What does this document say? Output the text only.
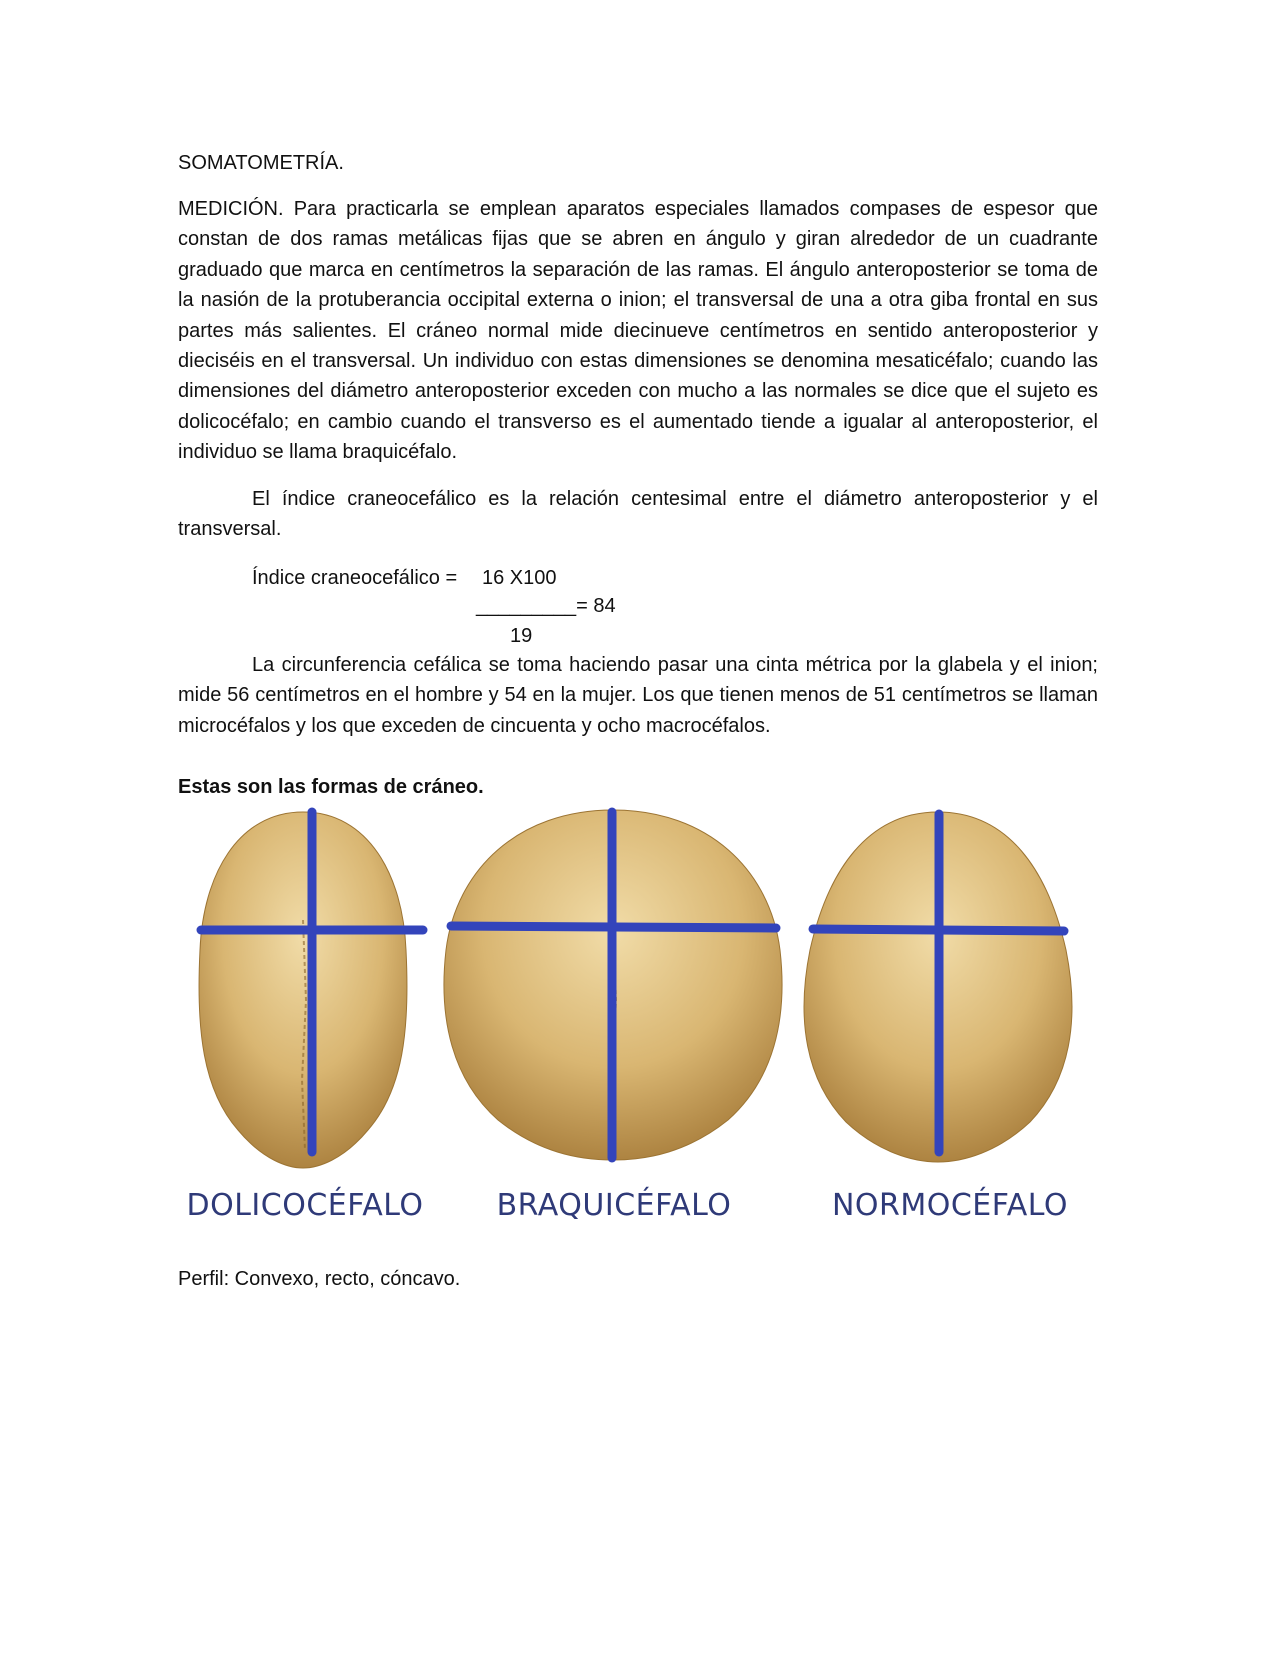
SOMATOMETRÍA.
MEDICIÓN. Para practicarla se emplean aparatos especiales llamados compases de espesor que constan de dos ramas metálicas fijas que se abren en ángulo y giran alrededor de un cuadrante graduado que marca en centímetros la separación de las ramas. El ángulo anteroposterior se toma de la nasión de la protuberancia occipital externa o inion; el transversal de una a otra giba frontal en sus partes más salientes. El cráneo normal mide diecinueve centímetros en sentido anteroposterior y dieciséis en el transversal. Un individuo con estas dimensiones se denomina mesaticéfalo; cuando las dimensiones del diámetro anteroposterior exceden con mucho a las normales se dice que el sujeto es dolicocéfalo; en cambio cuando el transverso es el aumentado tiende a igualar al anteroposterior, el individuo se llama braquicéfalo.
El índice craneocefálico es la relación centesimal entre el diámetro anteroposterior y el transversal.
Índice craneocefálico = 16 X100
_________= 84
19
La circunferencia cefálica se toma haciendo pasar una cinta métrica por la glabela y el inion; mide 56 centímetros en el hombre y 54 en la mujer. Los que tienen menos de 51 centímetros se llaman microcéfalos y los que exceden de cincuenta y ocho macrocéfalos.
Estas son las formas de cráneo.
DOLICOCÉFALO BRAQUICÉFALO	NORMOCÉFALO
Perfil: Convexo, recto, cóncavo.
